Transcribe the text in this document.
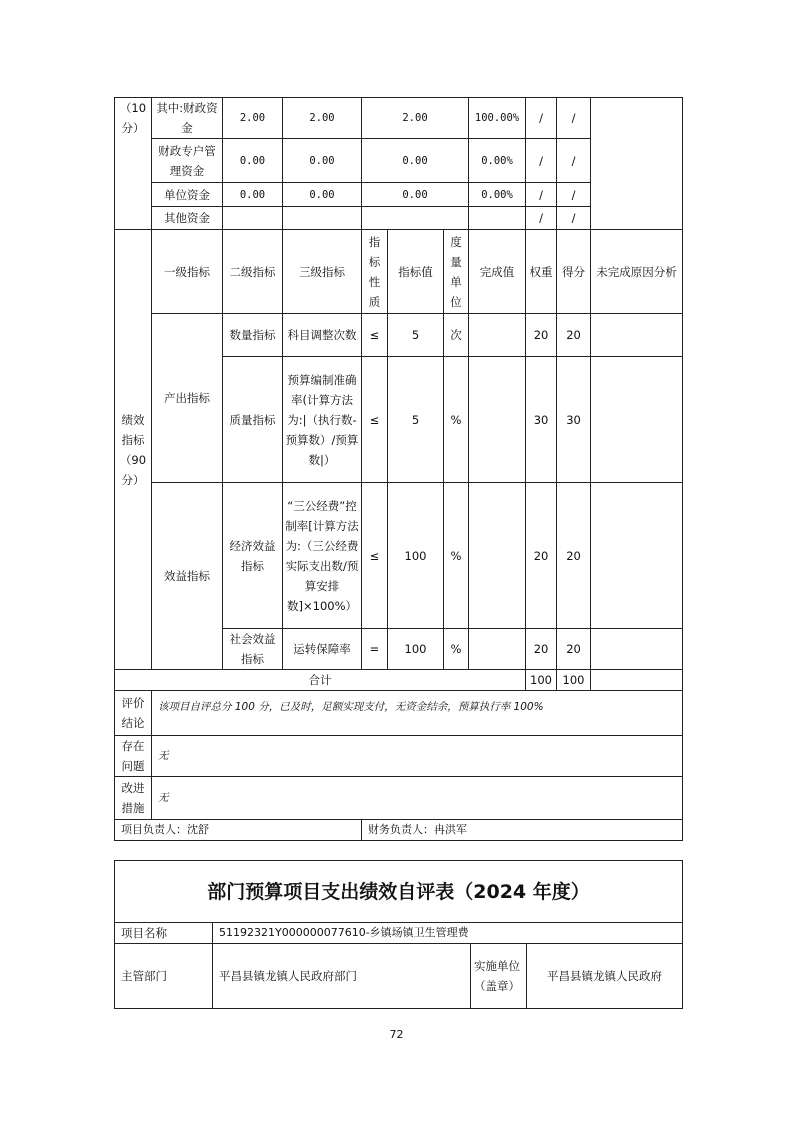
（10分）	其中:财政资金	2.00	2.00	2.00			100.00%	/	/	
	财政专户管理资金	0.00	0.00	0.00			0.00%	/	/	
	单位资金	0.00	0.00	0.00			0.00%	/	/	
	其他资金							/	/	
绩效指标（90分）	一级指标	二级指标	三级指标	指标性质	指标值	度量单位	完成值	权重	得分	未完成原因分析
	产出指标	数量指标	科目调整次数	≤	5	次		20	20	
		质量指标	预算编制准确率(计算方法为:|（执行数-预算数）/预算数|）	≤	5	%		30	30	
	效益指标	经济效益指标	“三公经费”控制率[计算方法为:（三公经费实际支出数/预算安排数]×100%）	≤	100	%		20	20	
		社会效益指标	运转保障率	=	100	%		20	20	
合计								100	100	
评价结论	该项目自评总分 100 分，已及时，足额实现支付，无资金结余，预算执行率 100%									
存在问题	无									
改进措施	无									
项目负责人：沈舒				财务负责人：冉洪军						
部门预算项目支出绩效自评表（2024 年度）			
项目名称	51192321Y000000077610-乡镇场镇卫生管理费		
主管部门	平昌县镇龙镇人民政府部门	实施单位（盖章）	平昌县镇龙镇人民政府
72
